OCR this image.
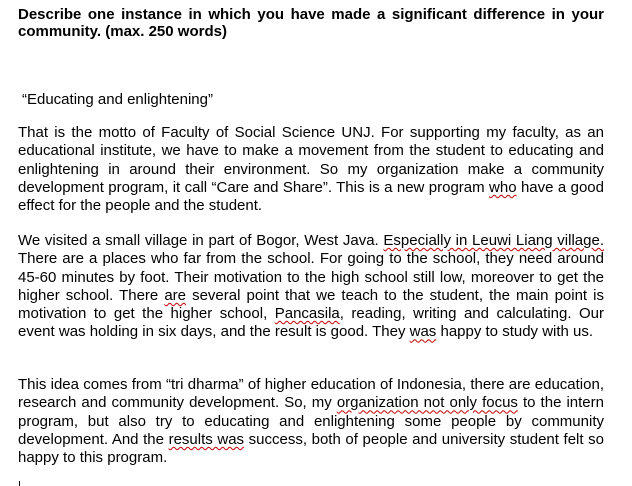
Describe one instance in which you have made a significant difference in your community. (max. 250 words)
“Educating and enlightening”
That is the motto of Faculty of Social Science UNJ. For supporting my faculty, as an educational institute, we have to make a movement from the student to educating and enlightening in around their environment. So my organization make a community development program, it call “Care and Share”. This is a new program who have a good effect for the people and the student.
We visited a small village in part of Bogor, West Java. Especially in Leuwi Liang village. There are a places who far from the school. For going to the school, they need around 45-60 minutes by foot. Their motivation to the high school still low, moreover to get the higher school. There are several point that we teach to the student, the main point is motivation to get the higher school, Pancasila, reading, writing and calculating. Our event was holding in six days, and the result is good. They was happy to study with us.
This idea comes from “tri dharma” of higher education of Indonesia, there are education, research and community development. So, my organization not only focus to the intern program, but also try to educating and enlightening some people by community development. And the results was success, both of people and university student felt so happy to this program.
